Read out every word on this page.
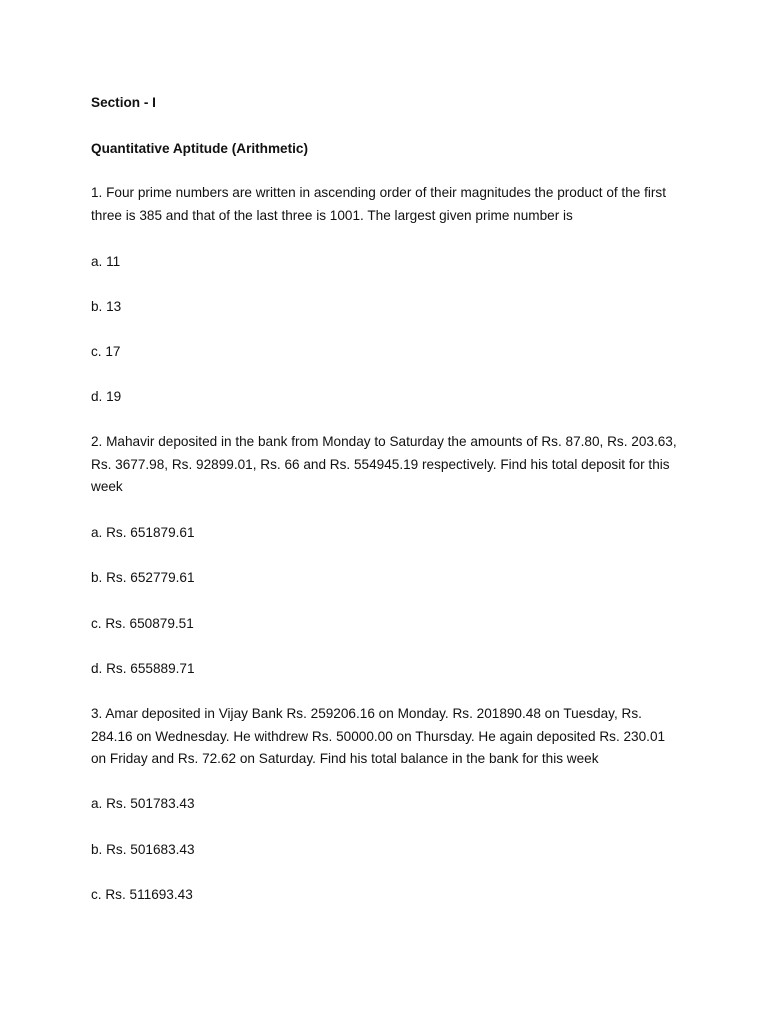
Section - I

Quantitative Aptitude (Arithmetic)

1. Four prime numbers are written in ascending order of their magnitudes the product of the first three is 385 and that of the last three is 1001. The largest given prime number is

a. 11

b. 13

c. 17

d. 19

2. Mahavir deposited in the bank from Monday to Saturday the amounts of Rs. 87.80, Rs. 203.63, Rs. 3677.98, Rs. 92899.01, Rs. 66 and Rs. 554945.19 respectively. Find his total deposit for this week

a. Rs. 651879.61

b. Rs. 652779.61

c. Rs. 650879.51

d. Rs. 655889.71

3. Amar deposited in Vijay Bank Rs. 259206.16 on Monday. Rs. 201890.48 on Tuesday, Rs. 284.16 on Wednesday. He withdrew Rs. 50000.00 on Thursday. He again deposited Rs. 230.01 on Friday and Rs. 72.62 on Saturday. Find his total balance in the bank for this week

a. Rs. 501783.43

b. Rs. 501683.43

c. Rs. 511693.43
